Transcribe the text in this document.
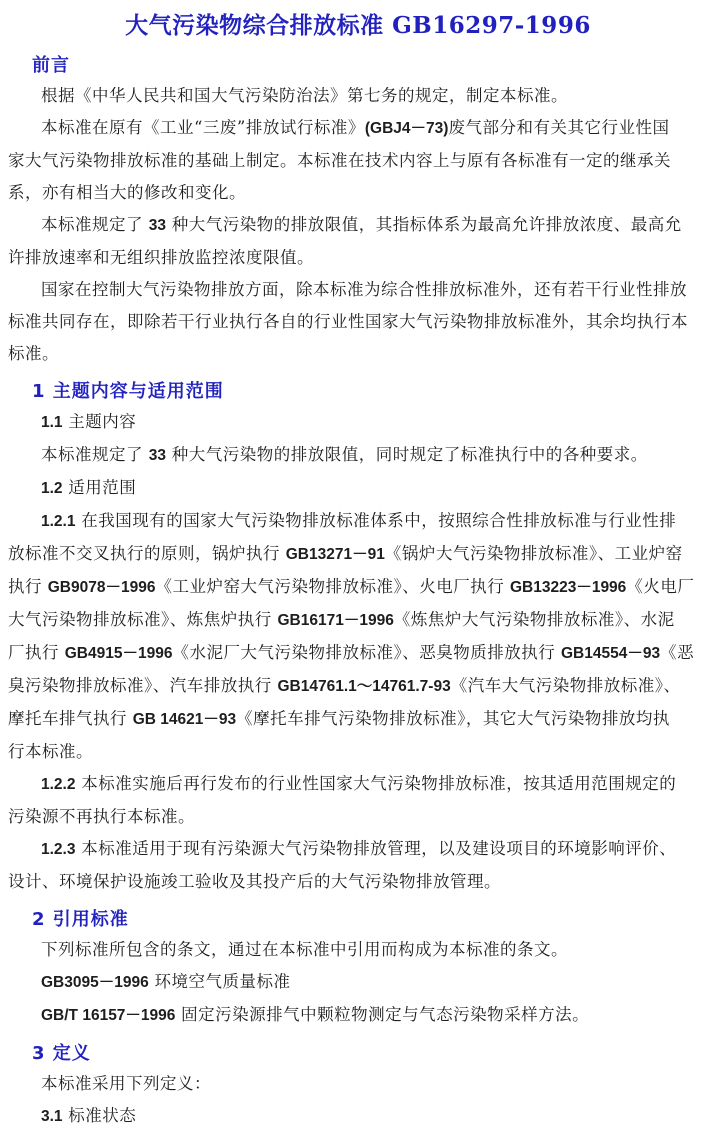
大气污染物综合排放标准 GB16297-1996
前言
根据《中华人民共和国大气污染防治法》第七务的规定，制定本标准。
本标准在原有《工业“三废”排放试行标准》(GBJ4－73)废气部分和有关其它行业性国
家大气污染物排放标准的基础上制定。本标准在技术内容上与原有各标准有一定的继承关
系，亦有相当大的修改和变化。
本标准规定了 33 种大气污染物的排放限值，其指标体系为最高允许排放浓度、最高允
许排放速率和无组织排放监控浓度限值。
国家在控制大气污染物排放方面，除本标准为综合性排放标准外，还有若干行业性排放
标准共同存在，即除若干行业执行各自的行业性国家大气污染物排放标准外，其余均执行本
标准。
1 主题内容与适用范围
1.1 主题内容
本标准规定了 33 种大气污染物的排放限值，同时规定了标准执行中的各种要求。
1.2 适用范围
1.2.1 在我国现有的国家大气污染物排放标准体系中，按照综合性排放标准与行业性排
放标准不交叉执行的原则，锅炉执行 GB13271－91《锅炉大气污染物排放标准》、工业炉窑
执行 GB9078－1996《工业炉窑大气污染物排放标准》、火电厂执行 GB13223－1996《火电厂
大气污染物排放标准》、炼焦炉执行 GB16171－1996《炼焦炉大气污染物排放标准》、水泥
厂执行 GB4915－1996《水泥厂大气污染物排放标准》、恶臭物质排放执行 GB14554－93《恶
臭污染物排放标准》、汽车排放执行 GB14761.1～14761.7-93《汽车大气污染物排放标准》、
摩托车排气执行 GB 14621－93《摩托车排气污染物排放标准》，其它大气污染物排放均执
行本标准。
1.2.2 本标准实施后再行发布的行业性国家大气污染物排放标准，按其适用范围规定的
污染源不再执行本标准。
1.2.3 本标准适用于现有污染源大气污染物排放管理，以及建设项目的环境影响评价、
设计、环境保护设施竣工验收及其投产后的大气污染物排放管理。
2 引用标准
下列标准所包含的条文，通过在本标准中引用而构成为本标准的条文。
GB3095－1996 环境空气质量标准
GB/T 16157－1996 固定污染源排气中颗粒物测定与气态污染物采样方法。
3 定义
本标准采用下列定义：
3.1 标准状态
